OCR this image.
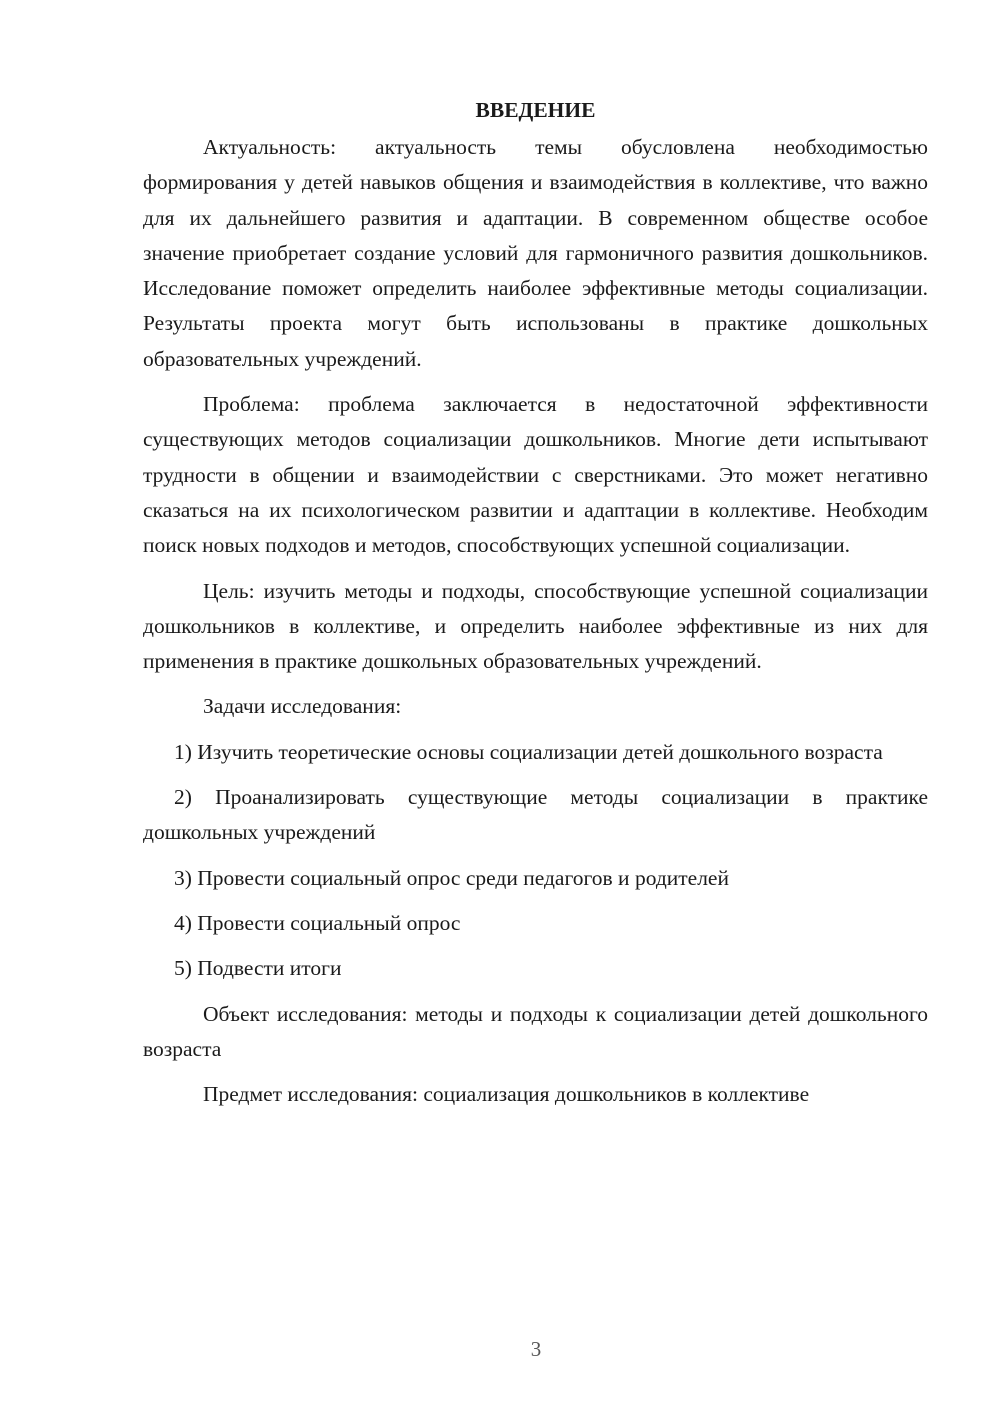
ВВЕДЕНИЕ

Актуальность: актуальность темы обусловлена необходимостью формирования у детей навыков общения и взаимодействия в коллективе, что важно для их дальнейшего развития и адаптации. В современном обществе особое значение приобретает создание условий для гармоничного развития дошкольников. Исследование поможет определить наиболее эффективные методы социализации. Результаты проекта могут быть использованы в практике дошкольных образовательных учреждений.

Проблема: проблема заключается в недостаточной эффективности существующих методов социализации дошкольников. Многие дети испытывают трудности в общении и взаимодействии с сверстниками. Это может негативно сказаться на их психологическом развитии и адаптации в коллективе. Необходим поиск новых подходов и методов, способствующих успешной социализации.

Цель: изучить методы и подходы, способствующие успешной социализации дошкольников в коллективе, и определить наиболее эффективные из них для применения в практике дошкольных образовательных учреждений.

Задачи исследования:

1) Изучить теоретические основы социализации детей дошкольного возраста

2) Проанализировать существующие методы социализации в практике дошкольных учреждений

3) Провести социальный опрос среди педагогов и родителей

4) Провести социальный опрос

5) Подвести итоги

Объект исследования: методы и подходы к социализации детей дошкольного возраста

Предмет исследования: социализация дошкольников в коллективе

3
